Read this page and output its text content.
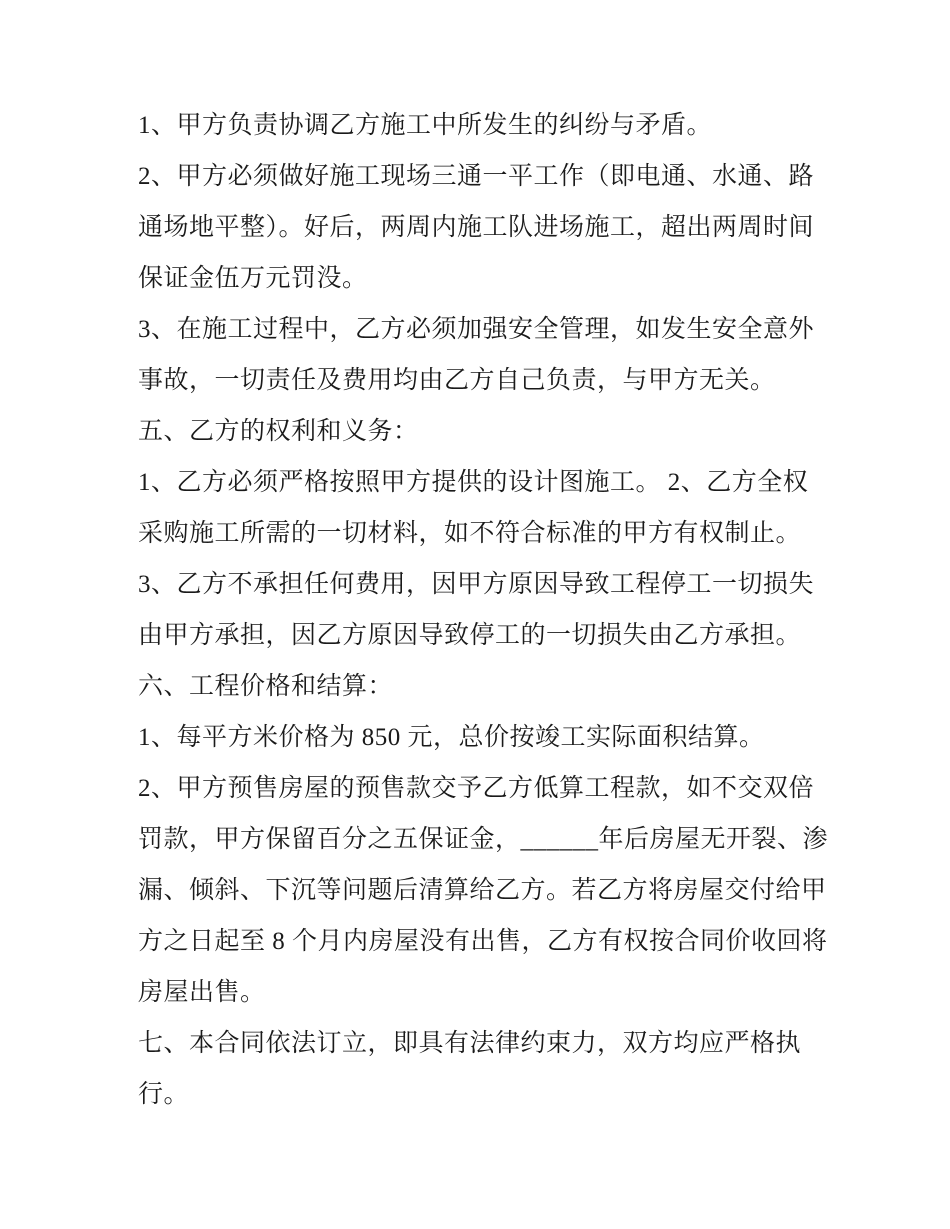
1、甲方负责协调乙方施工中所发生的纠纷与矛盾。
2、甲方必须做好施工现场三通一平工作（即电通、水通、路
通场地平整）。好后，两周内施工队进场施工，超出两周时间
保证金伍万元罚没。
3、在施工过程中，乙方必须加强安全管理，如发生安全意外
事故，一切责任及费用均由乙方自己负责，与甲方无关。
五、乙方的权利和义务：
1、乙方必须严格按照甲方提供的设计图施工。 2、乙方全权
采购施工所需的一切材料，如不符合标准的甲方有权制止。
3、乙方不承担任何费用，因甲方原因导致工程停工一切损失
由甲方承担，因乙方原因导致停工的一切损失由乙方承担。
六、工程价格和结算：
1、每平方米价格为 850 元，总价按竣工实际面积结算。
2、甲方预售房屋的预售款交予乙方低算工程款，如不交双倍
罚款，甲方保留百分之五保证金，______年后房屋无开裂、渗
漏、倾斜、下沉等问题后清算给乙方。若乙方将房屋交付给甲
方之日起至 8 个月内房屋没有出售，乙方有权按合同价收回将
房屋出售。
七、本合同依法订立，即具有法律约束力，双方均应严格执
行。
